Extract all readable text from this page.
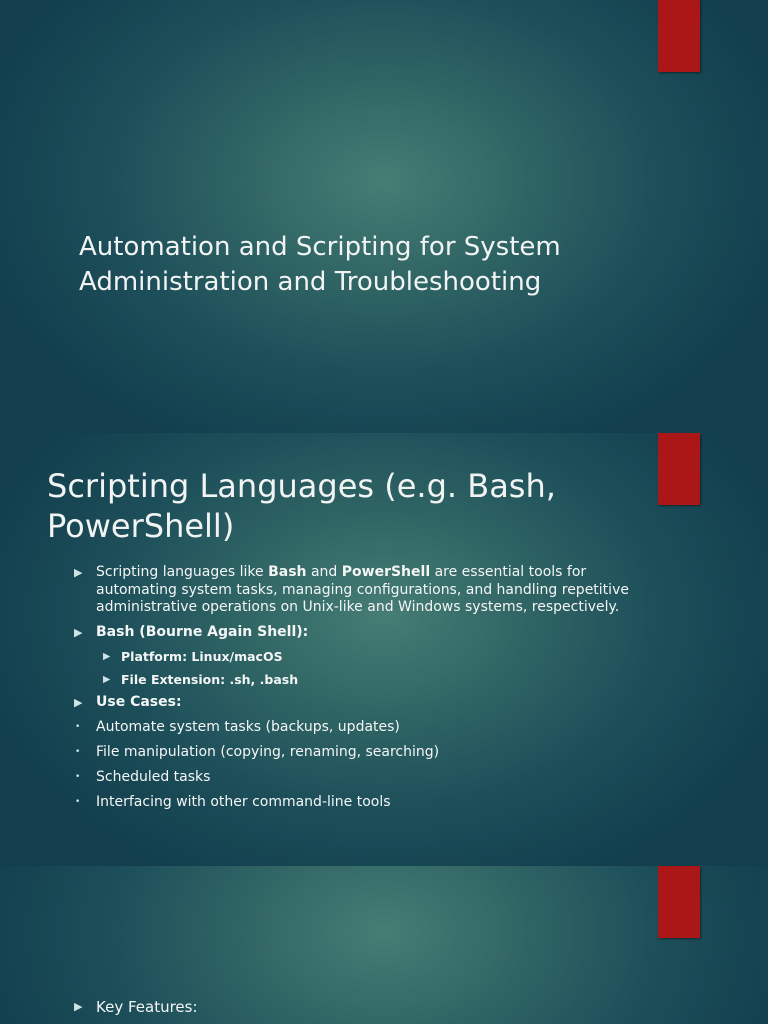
Automation and Scripting for System Administration and Troubleshooting
Scripting Languages (e.g. Bash, PowerShell)
▶ Scripting languages like Bash and PowerShell are essential tools for automating system tasks, managing configurations, and handling repetitive administrative operations on Unix-like and Windows systems, respectively.
▶ Bash (Bourne Again Shell):
▶ Platform: Linux/macOS
▶ File Extension: .sh, .bash
▶ Use Cases:
• Automate system tasks (backups, updates)
• File manipulation (copying, renaming, searching)
• Scheduled tasks
• Interfacing with other command-line tools
▶ Key Features:
